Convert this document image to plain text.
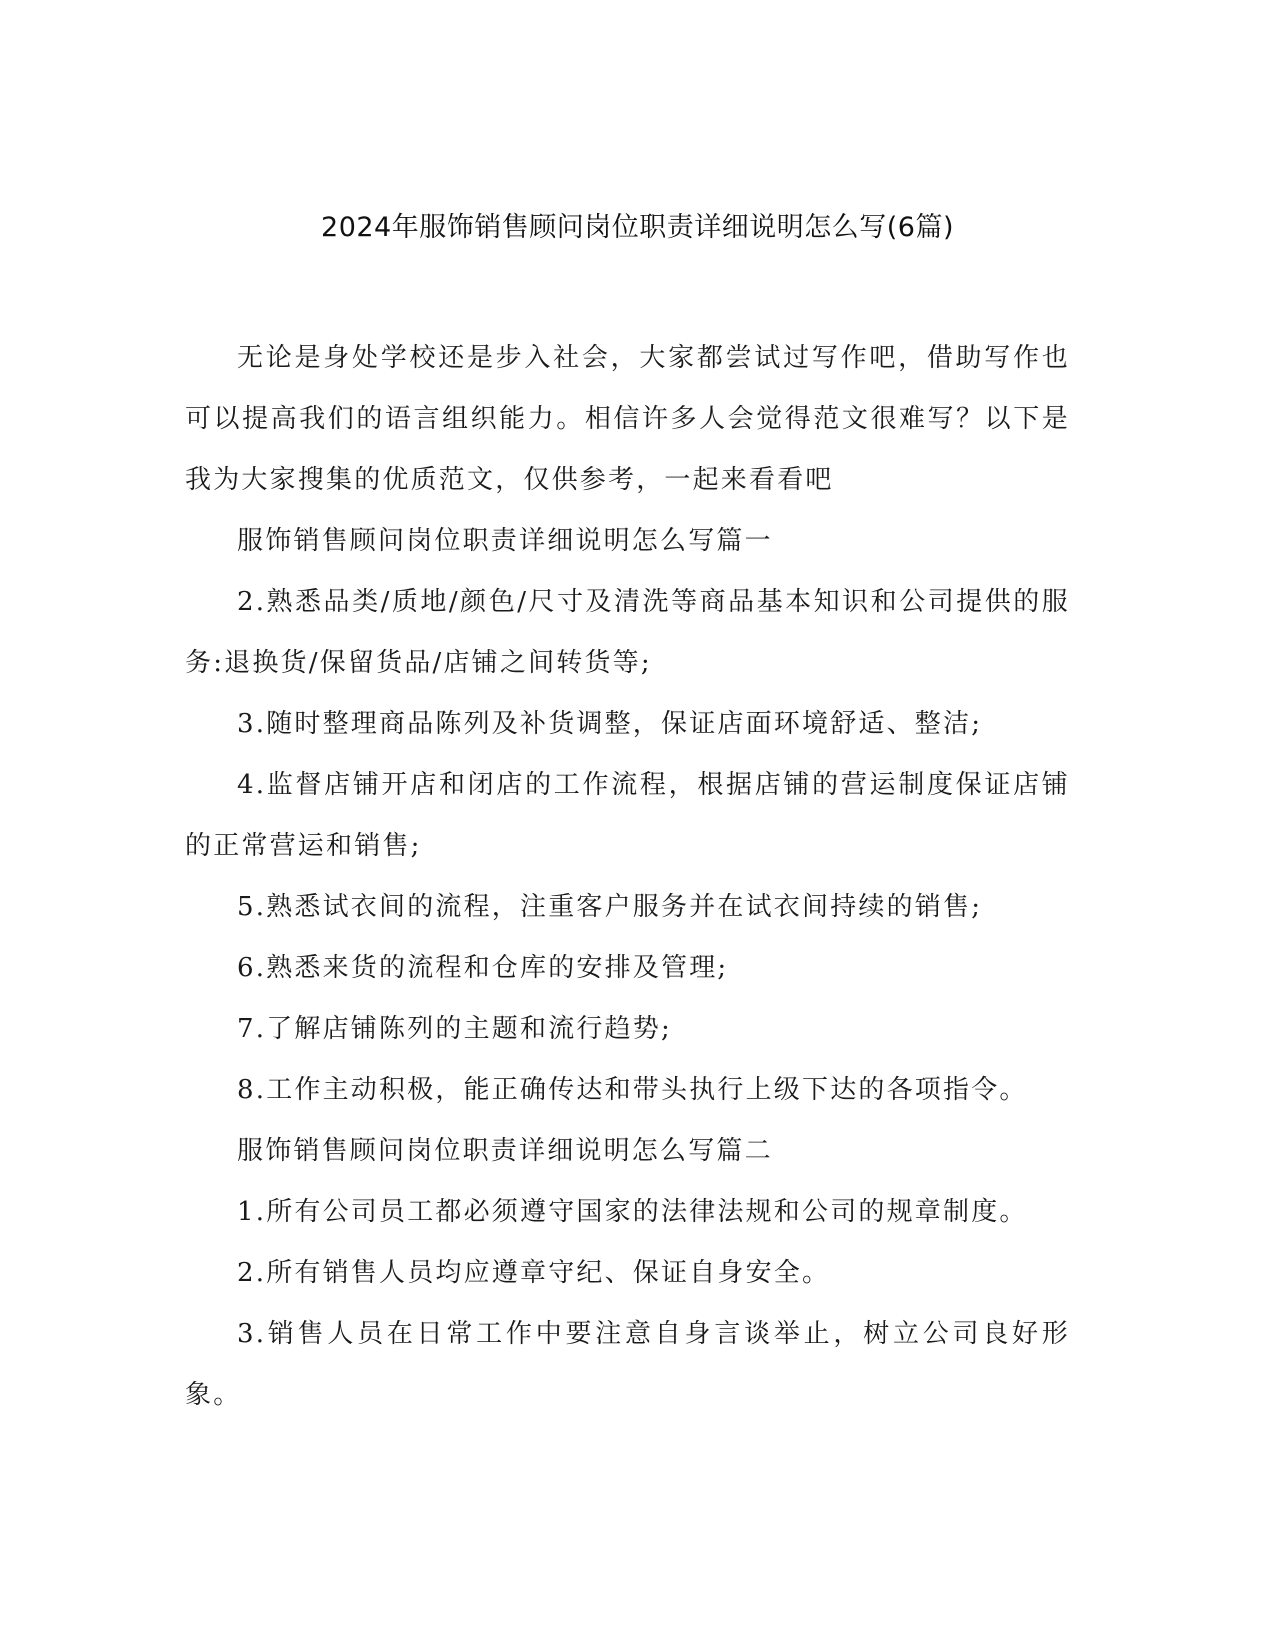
2024年服饰销售顾问岗位职责详细说明怎么写(6篇)

无论是身处学校还是步入社会，大家都尝试过写作吧，借助写作也可以提高我们的语言组织能力。相信许多人会觉得范文很难写？以下是我为大家搜集的优质范文，仅供参考，一起来看看吧

服饰销售顾问岗位职责详细说明怎么写篇一

2.熟悉品类/质地/颜色/尺寸及清洗等商品基本知识和公司提供的服务:退换货/保留货品/店铺之间转货等;

3.随时整理商品陈列及补货调整，保证店面环境舒适、整洁;

4.监督店铺开店和闭店的工作流程，根据店铺的营运制度保证店铺的正常营运和销售;

5.熟悉试衣间的流程，注重客户服务并在试衣间持续的销售;

6.熟悉来货的流程和仓库的安排及管理;

7.了解店铺陈列的主题和流行趋势;

8.工作主动积极，能正确传达和带头执行上级下达的各项指令。

服饰销售顾问岗位职责详细说明怎么写篇二

1.所有公司员工都必须遵守国家的法律法规和公司的规章制度。

2.所有销售人员均应遵章守纪、保证自身安全。

3.销售人员在日常工作中要注意自身言谈举止，树立公司良好形象。
